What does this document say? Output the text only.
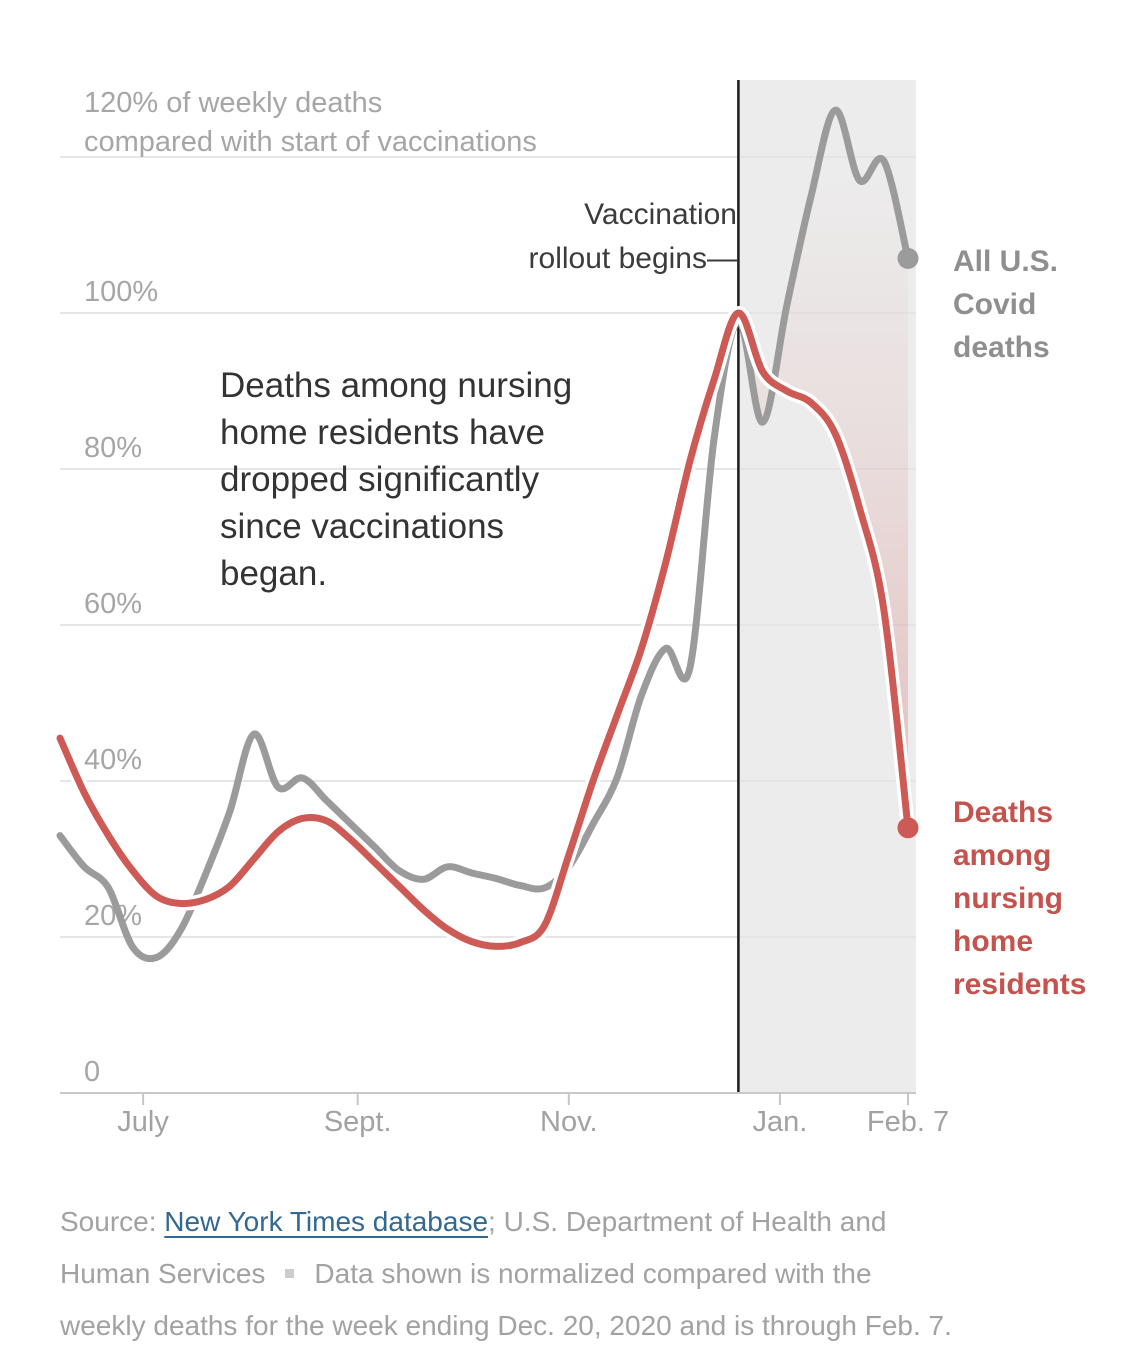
120% of weekly deaths
compared with start of vaccinations
0
20%
40%
60%
80%
100%
Vaccination
rollout begins—
Deaths among nursing
home residents have
dropped significantly
since vaccinations
began.
All U.S.
Covid
deaths
Deaths
among
nursing
home
residents
July	Sept.	Nov.	Jan.	Feb. 7
Source: New York Times database; U.S. Department of Health and
Human Services Data shown is normalized compared with the
weekly deaths for the week ending Dec. 20, 2020 and is through Feb. 7.
